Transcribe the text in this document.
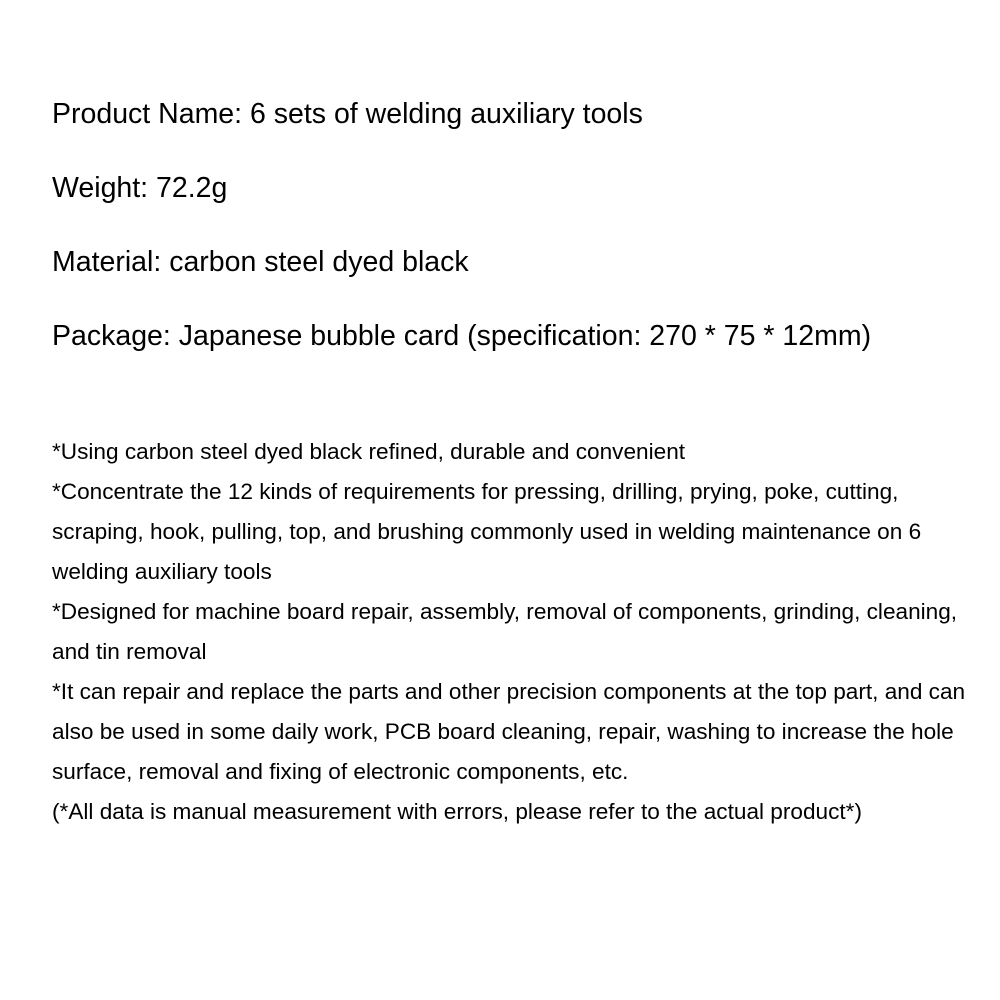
Product Name: 6 sets of welding auxiliary tools
Weight: 72.2g
Material: carbon steel dyed black
Package: Japanese bubble card (specification: 270 * 75 * 12mm)
*Using carbon steel dyed black refined, durable and convenient
*Concentrate the 12 kinds of requirements for pressing, drilling, prying, poke, cutting, scraping, hook, pulling, top, and brushing commonly used in welding maintenance on 6 welding auxiliary tools
*Designed for machine board repair, assembly, removal of components, grinding, cleaning, and tin removal
*It can repair and replace the parts and other precision components at the top part, and can also be used in some daily work, PCB board cleaning, repair, washing to increase the hole surface, removal and fixing of electronic components, etc.
(*All data is manual measurement with errors, please refer to the actual product*)
